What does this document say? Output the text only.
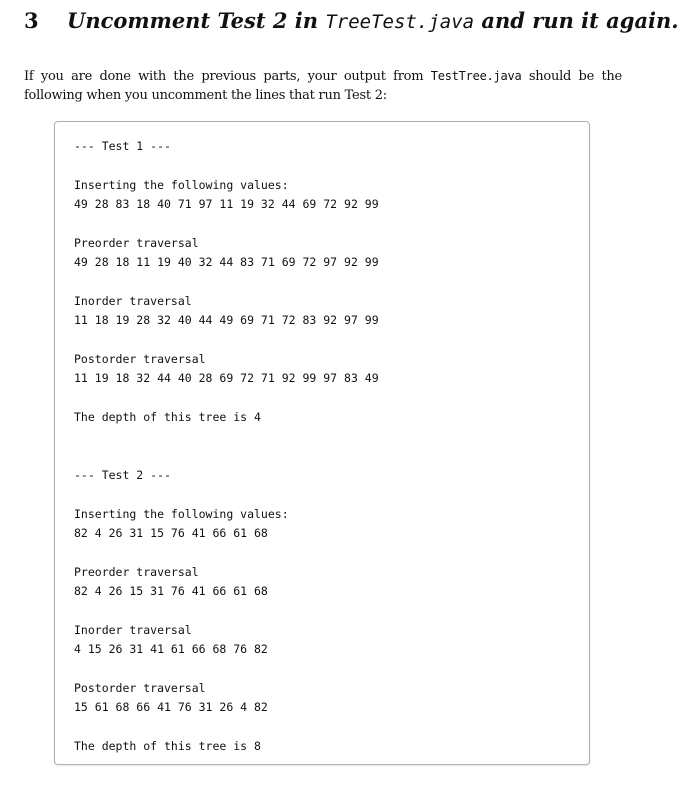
3 Uncomment Test 2 in TreeTest.java and run it again.

If you are done with the previous parts, your output from TestTree.java should be the following when you uncomment the lines that run Test 2:

--- Test 1 ---
Inserting the following values:
49 28 83 18 40 71 97 11 19 32 44 69 72 92 99
Preorder traversal
49 28 18 11 19 40 32 44 83 71 69 72 97 92 99
Inorder traversal
11 18 19 28 32 40 44 49 69 71 72 83 92 97 99
Postorder traversal
11 19 18 32 44 40 28 69 72 71 92 99 97 83 49
The depth of this tree is 4
--- Test 2 ---
Inserting the following values:
82 4 26 31 15 76 41 66 61 68
Preorder traversal
82 4 26 15 31 76 41 66 61 68
Inorder traversal
4 15 26 31 41 61 66 68 76 82
Postorder traversal
15 61 68 66 41 76 31 26 4 82
The depth of this tree is 8
